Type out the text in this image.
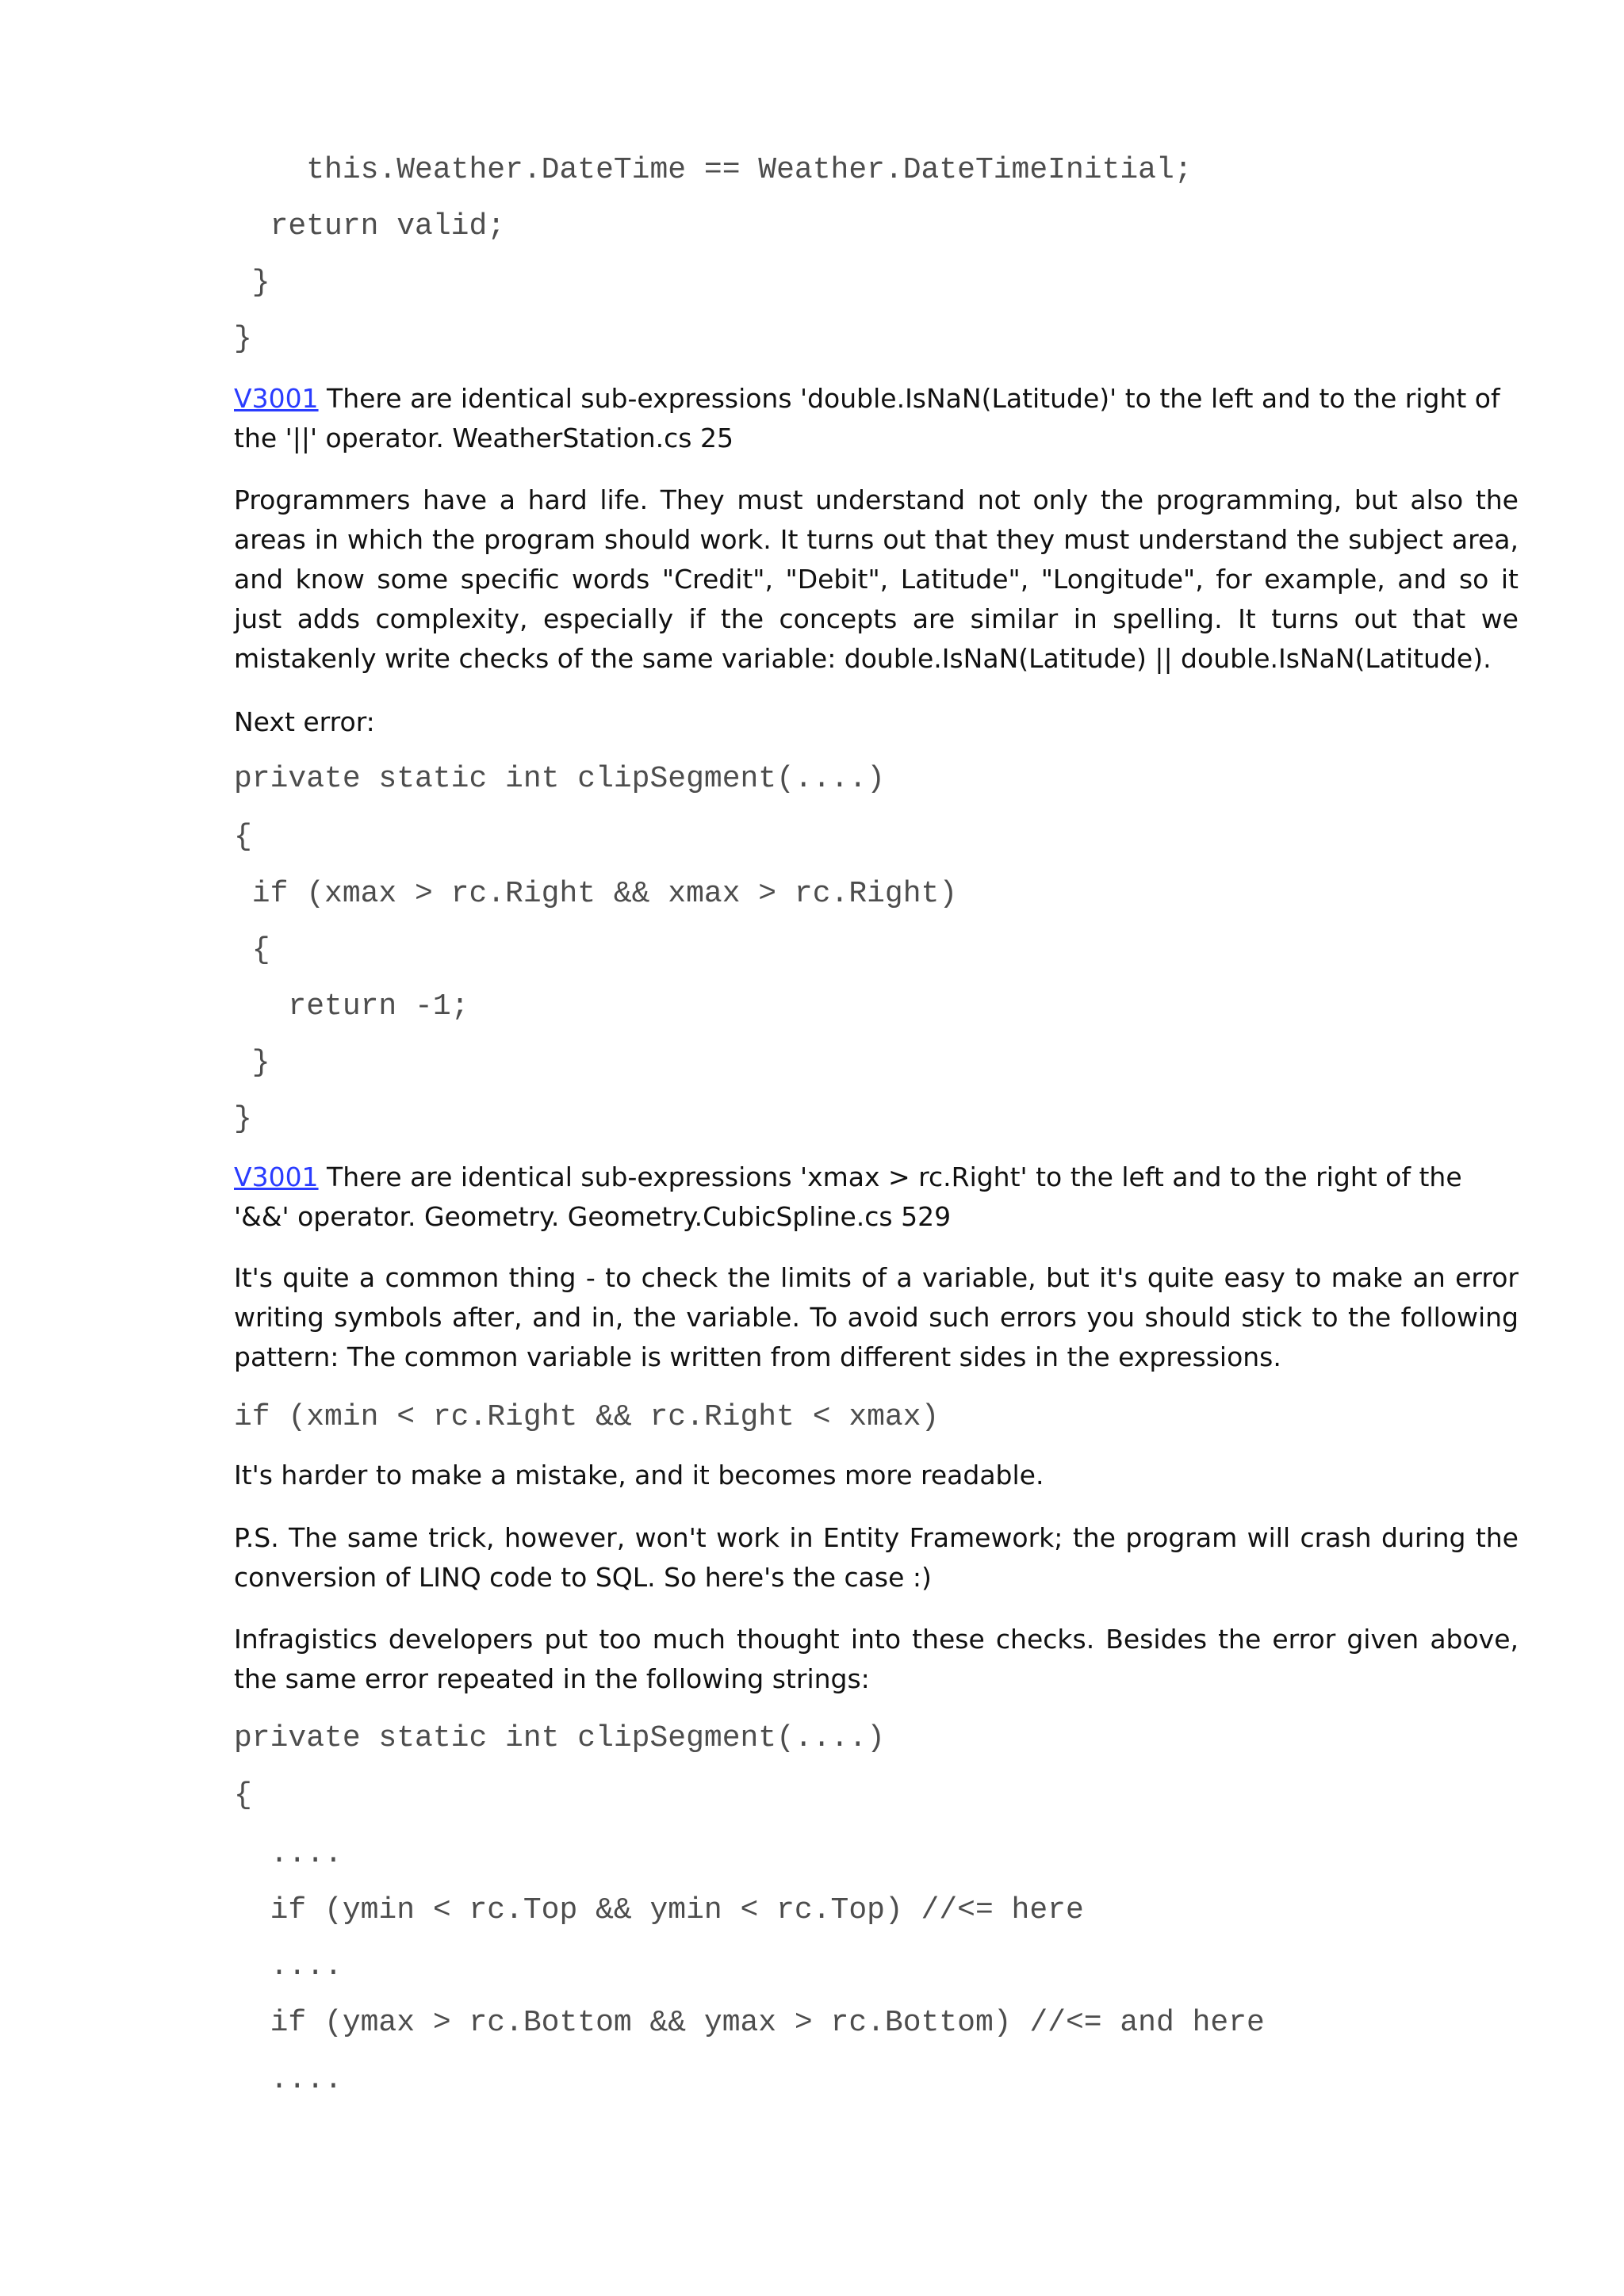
this.Weather.DateTime == Weather.DateTimeInitial;
return valid;
}
}

V3001 There are identical sub-expressions 'double.IsNaN(Latitude)' to the left and to the right of the '||' operator. WeatherStation.cs 25

Programmers have a hard life. They must understand not only the programming, but also the areas in which the program should work. It turns out that they must understand the subject area, and know some specific words "Credit", "Debit", Latitude", "Longitude", for example, and so it just adds complexity, especially if the concepts are similar in spelling. It turns out that we mistakenly write checks of the same variable: double.IsNaN(Latitude) || double.IsNaN(Latitude).

Next error:

private static int clipSegment(....)
{
if (xmax > rc.Right && xmax > rc.Right)
{
return -1;
}
}

V3001 There are identical sub-expressions 'xmax > rc.Right' to the left and to the right of the '&&' operator. Geometry. Geometry.CubicSpline.cs 529

It's quite a common thing - to check the limits of a variable, but it's quite easy to make an error writing symbols after, and in, the variable. To avoid such errors you should stick to the following pattern: The common variable is written from different sides in the expressions.

if (xmin < rc.Right && rc.Right < xmax)

It's harder to make a mistake, and it becomes more readable.

P.S. The same trick, however, won't work in Entity Framework; the program will crash during the conversion of LINQ code to SQL. So here's the case :)

Infragistics developers put too much thought into these checks. Besides the error given above, the same error repeated in the following strings:

private static int clipSegment(....)
{
....
if (ymin < rc.Top && ymin < rc.Top) //<= here
....
if (ymax > rc.Bottom && ymax > rc.Bottom) //<= and here
....
